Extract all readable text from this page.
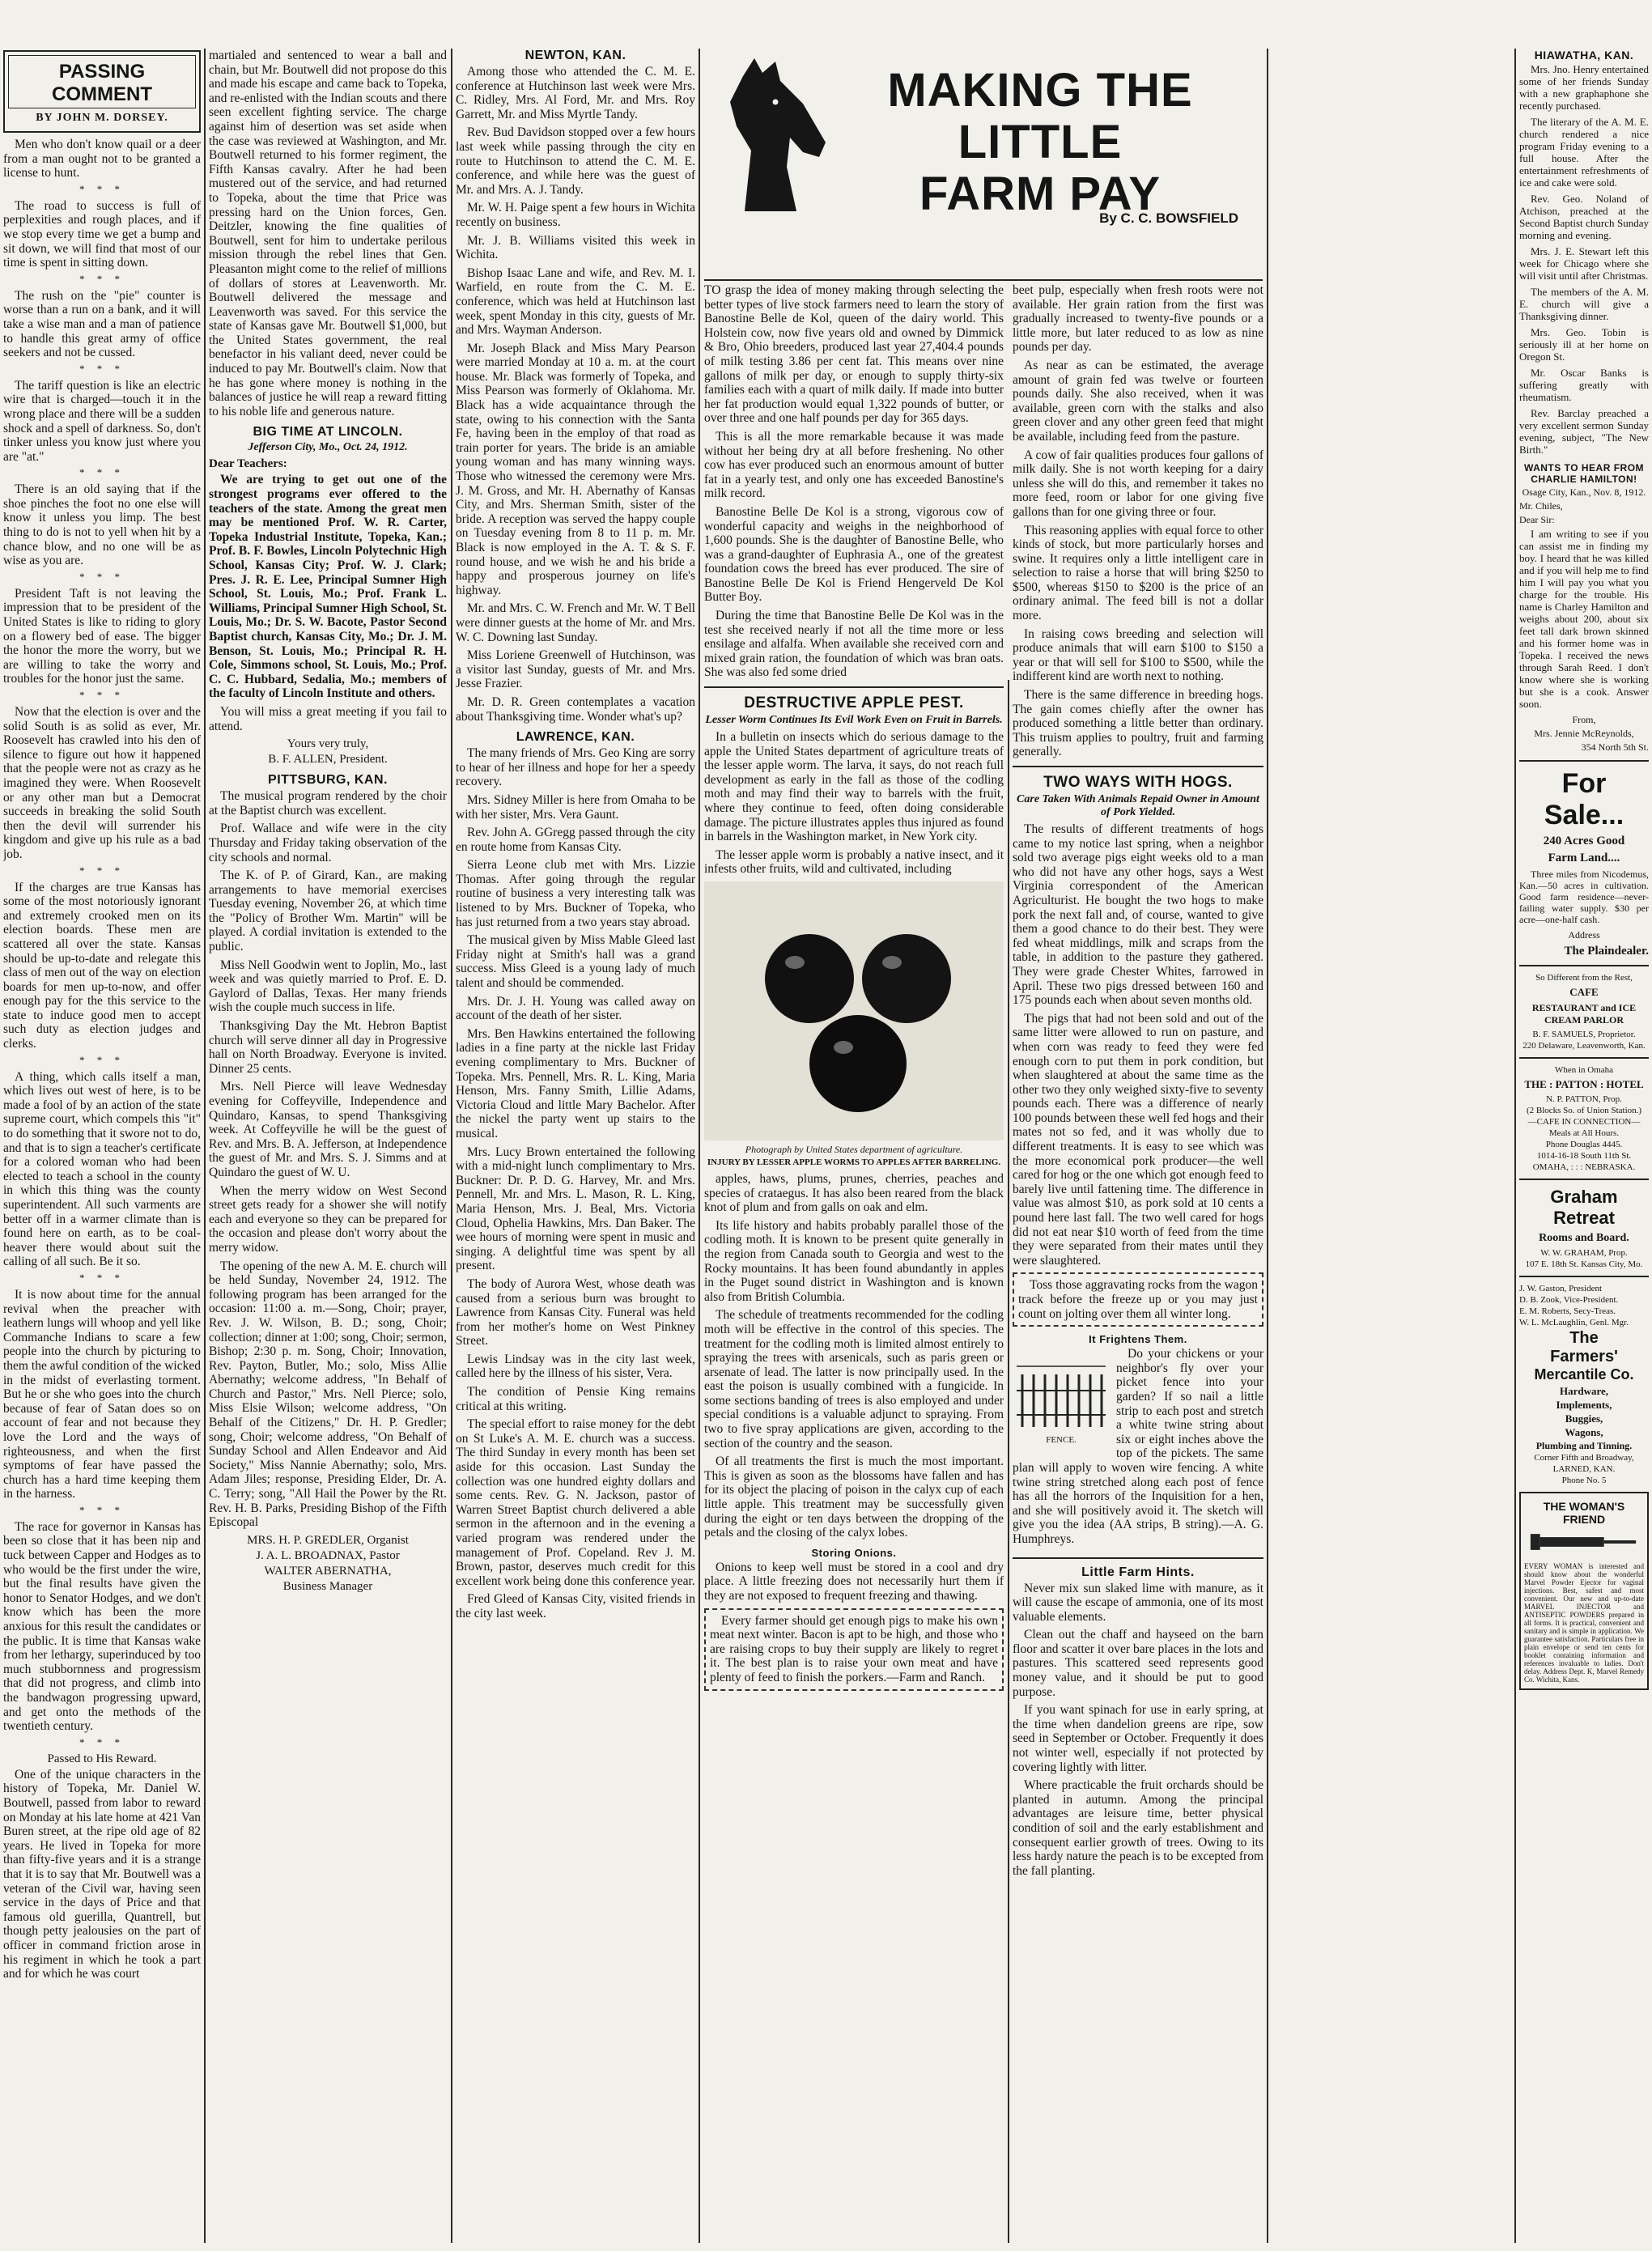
PASSING COMMENT
BY JOHN M. DORSEY.

Men who don't know quail or a deer from a man ought not to be granted a license to hunt.

* * *

The road to success is full of perplexities and rough places, and if we stop every time we get a bump and sit down, we will find that most of our time is spent in sitting down.

* * *

The rush on the "pie" counter is worse than a run on a bank, and it will take a wise man and a man of patience to handle this great army of office seekers and not be cussed.

* * *

The tariff question is like an electric wire that is charged—touch it in the wrong place and there will be a sudden shock and a spell of darkness. So, don't tinker unless you know just where you are "at."

* * *

There is an old saying that if the shoe pinches the foot no one else will know it unless you limp. The best thing to do is not to yell when hit by a chance blow, and no one will be as wise as you are.

* * *

President Taft is not leaving the impression that to be president of the United States is like to riding to glory on a flowery bed of ease. The bigger the honor the more the worry, but we are willing to take the worry and troubles for the honor just the same.

* * *

Now that the election is over and the solid South is as solid as ever, Mr. Roosevelt has crawled into his den of silence to figure out how it happened that the people were not as crazy as he imagined they were. When Roosevelt or any other man but a Democrat succeeds in breaking the solid South then the devil will surrender his kingdom and give up his rule as a bad job.

* * *

If the charges are true Kansas has some of the most notoriously ignorant and extremely crooked men on its election boards. These men are scattered all over the state. Kansas should be up-to-date and relegate this class of men out of the way on election boards for men up-to-now, and offer enough pay for the this service to the state to induce good men to accept such duty as election judges and clerks.

* * *

A thing, which calls itself a man, which lives out west of here, is to be made a fool of by an action of the state supreme court, which compels this "it" to do something that it swore not to do, and that is to sign a teacher's certificate for a colored woman who had been elected to teach a school in the county in which this thing was the county superintendent. All such varments are better off in a warmer climate than is found here on earth, as to be coal-heaver there would about suit the calling of all such. Be it so.

* * *

It is now about time for the annual revival when the preacher with leathern lungs will whoop and yell like Commanche Indians to scare a few people into the church by picturing to them the awful condition of the wicked in the midst of everlasting torment. But he or she who goes into the church because of fear of Satan does so on account of fear and not because they love the Lord and the ways of righteousness, and when the first symptoms of fear have passed the church has a hard time keeping them in the harness.

* * *

The race for governor in Kansas has been so close that it has been nip and tuck between Capper and Hodges as to who would be the first under the wire, but the final results have given the honor to Senator Hodges, and we don't know which has been the more anxious for this result the candidates or the public. It is time that Kansas wake from her lethargy, superinduced by too much stubbornness and progressism that did not progress, and climb into the bandwagon progressing upward, and get onto the methods of the twentieth century.

* * *
Passed to His Reward.

One of the unique characters in the history of Topeka, Mr. Daniel W. Boutwell, passed from labor to reward on Monday at his late home at 421 Van Buren street, at the ripe old age of 82 years. He lived in Topeka for more than fifty-five years and it is a strange that it is to say that Mr. Boutwell was a veteran of the Civil war, having seen service in the days of Price and that famous old guerilla, Quantrell, but though petty jealousies on the part of officer in command friction arose in his regiment in which he took a part and for which he was court

martialed and sentenced to wear a ball and chain, but Mr. Boutwell did not propose do this and made his escape and came back to Topeka, and re-enlisted with the Indian scouts and there seen excellent fighting service. The charge against him of desertion was set aside when the case was reviewed at Washington, and Mr. Boutwell returned to his former regiment, the Fifth Kansas cavalry. After he had been mustered out of the service, and had returned to Topeka, about the time that Price was pressing hard on the Union forces, Gen. Deitzler, knowing the fine qualities of Boutwell, sent for him to undertake perilous mission through the rebel lines that Gen. Pleasanton might come to the relief of millions of dollars of stores at Leavenworth. Mr. Boutwell delivered the message and Leavenworth was saved. For this service the state of Kansas gave Mr. Boutwell $1,000, but the United States government, the real benefactor in his valiant deed, never could be induced to pay Mr. Boutwell's claim. Now that he has gone where money is nothing in the balances of justice he will reap a reward fitting to his noble life and generous nature.

BIG TIME AT LINCOLN.
Jefferson City, Mo., Oct. 24, 1912.
Dear Teachers:

We are trying to get out one of the strongest programs ever offered to the teachers of the state. Among the great men may be mentioned Prof. W. R. Carter, Topeka Industrial Institute, Topeka, Kan.; Prof. B. F. Bowles, Lincoln Polytechnic High School, Kansas City; Prof. W. J. Clark; Pres. J. R. E. Lee, Principal Sumner High School, St. Louis, Mo.; Prof. Frank L. Williams, Principal Sumner High School, St. Louis, Mo.; Dr. S. W. Bacote, Pastor Second Baptist church, Kansas City, Mo.; Dr. J. M. Benson, St. Louis, Mo.; Principal R. H. Cole, Simmons school, St. Louis, Mo.; Prof. C. C. Hubbard, Sedalia, Mo.; members of the faculty of Lincoln Institute and others.

You will miss a great meeting if you fail to attend.

Yours very truly,
B. F. ALLEN, President.
PITTSBURG, KAN.

The musical program rendered by the choir at the Baptist church was excellent.

Prof. Wallace and wife were in the city Thursday and Friday taking observation of the city schools and normal.

The K. of P. of Girard, Kan., are making arrangements to have memorial exercises Tuesday evening, November 26, at which time the "Policy of Brother Wm. Martin" will be played. A cordial invitation is extended to the public.

Miss Nell Goodwin went to Joplin, Mo., last week and was quietly married to Prof. E. D. Gaylord of Dallas, Texas. Her many friends wish the couple much success in life.

Thanksgiving Day the Mt. Hebron Baptist church will serve dinner all day in Progressive hall on North Broadway. Everyone is invited. Dinner 25 cents.

Mrs. Nell Pierce will leave Wednesday evening for Coffeyville, Independence and Quindaro, Kansas, to spend Thanksgiving week. At Coffeyville he will be the guest of Rev. and Mrs. B. A. Jefferson, at Independence the guest of Mr. and Mrs. S. J. Simms and at Quindaro the guest of W. U.

When the merry widow on West Second street gets ready for a shower she will notify each and everyone so they can be prepared for the occasion and please don't worry about the merry widow.

The opening of the new A. M. E. church will be held Sunday, November 24, 1912. The following program has been arranged for the occasion: 11:00 a. m.—Song, Choir; prayer, Rev. J. W. Wilson, B. D.; song, Choir; collection; dinner at 1:00; song, Choir; sermon, Bishop; 2:30 p. m. Song, Choir; Innovation, Rev. Payton, Butler, Mo.; solo, Miss Allie Abernathy; welcome address, "In Behalf of Church and Pastor," Mrs. Nell Pierce; solo, Miss Elsie Wilson; welcome address, "On Behalf of the Citizens," Dr. H. P. Gredler; song, Choir; welcome address, "On Behalf of Sunday School and Allen Endeavor and Aid Society," Miss Nannie Abernathy; solo, Mrs. Adam Jiles; response, Presiding Elder, Dr. A. C. Terry; song, "All Hail the Power by the Rt. Rev. H. B. Parks, Presiding Bishop of the Fifth Episcopal

MRS. H. P. GREDLER, Organist
J. A. L. BROADNAX, Pastor
WALTER ABERNATHA,
Business Manager
NEWTON, KAN.

Among those who attended the C. M. E. conference at Hutchinson last week were Mrs. C. Ridley, Mrs. Al Ford, Mr. and Mrs. Roy Garrett, Mr. and Miss Myrtle Tandy.

Rev. Bud Davidson stopped over a few hours last week while passing through the city en route to Hutchinson to attend the C. M. E. conference, and while here was the guest of Mr. and Mrs. A. J. Tandy.

Mr. W. H. Paige spent a few hours in Wichita recently on business.

Mr. J. B. Williams visited this week in Wichita.

Bishop Isaac Lane and wife, and Rev. M. I. Warfield, en route from the C. M. E. conference, which was held at Hutchinson last week, spent Monday in this city, guests of Mr. and Mrs. Wayman Anderson.

Mr. Joseph Black and Miss Mary Pearson were married Monday at 10 a. m. at the court house. Mr. Black was formerly of Topeka, and Miss Pearson was formerly of Oklahoma. Mr. Black has a wide acquaintance through the state, owing to his connection with the Santa Fe, having been in the employ of that road as train porter for years. The bride is an amiable young woman and has many winning ways. Those who witnessed the ceremony were Mrs. J. M. Gross, and Mr. H. Abernathy of Kansas City, and Mrs. Sherman Smith, sister of the bride. A reception was served the happy couple on Tuesday evening from 8 to 11 p. m. Mr. Black is now employed in the A. T. & S. F. round house, and we wish he and his bride a happy and prosperous journey on life's highway.

Mr. and Mrs. C. W. French and Mr. W. T Bell were dinner guests at the home of Mr. and Mrs. W. C. Downing last Sunday.

Miss Loriene Greenwell of Hutchinson, was a visitor last Sunday, guests of Mr. and Mrs. Jesse Frazier.

Mr. D. R. Green contemplates a vacation about Thanksgiving time. Wonder what's up?

LAWRENCE, KAN.

The many friends of Mrs. Geo King are sorry to hear of her illness and hope for her a speedy recovery.

Mrs. Sidney Miller is here from Omaha to be with her sister, Mrs. Vera Gaunt.

Rev. John A. GGregg passed through the city en route home from Kansas City.

Sierra Leone club met with Mrs. Lizzie Thomas. After going through the regular routine of business a very interesting talk was listened to by Mrs. Buckner of Topeka, who has just returned from a two years stay abroad.

The musical given by Miss Mable Gleed last Friday night at Smith's hall was a grand success. Miss Gleed is a young lady of much talent and should be commended.

Mrs. Dr. J. H. Young was called away on account of the death of her sister.

Mrs. Ben Hawkins entertained the following ladies in a fine party at the nickle last Friday evening complimentary to Mrs. Buckner of Topeka. Mrs. Pennell, Mrs. R. L. King, Maria Henson, Mrs. Fanny Smith, Lillie Adams, Victoria Cloud and little Mary Bachelor. After the nickel the party went up stairs to the musical.

Mrs. Lucy Brown entertained the following with a mid-night lunch complimentary to Mrs. Buckner: Dr. P. D. G. Harvey, Mr. and Mrs. Pennell, Mr. and Mrs. L. Mason, R. L. King, Maria Henson, Mrs. J. Beal, Mrs. Victoria Cloud, Ophelia Hawkins, Mrs. Dan Baker. The wee hours of morning were spent in music and singing. A delightful time was spent by all present.

The body of Aurora West, whose death was caused from a serious burn was brought to Lawrence from Kansas City. Funeral was held from her mother's home on West Pinkney Street.

Lewis Lindsay was in the city last week, called here by the illness of his sister, Vera.

The condition of Pensie King remains critical at this writing.

The special effort to raise money for the debt on St Luke's A. M. E. church was a success. The third Sunday in every month has been set aside for this occasion. Last Sunday the collection was one hundred eighty dollars and some cents. Rev. G. N. Jackson, pastor of Warren Street Baptist church delivered a able sermon in the afternoon and in the evening a varied program was rendered under the management of Prof. Copeland. Rev J. M. Brown, pastor, deserves much credit for this excellent work being done this conference year.

Fred Gleed of Kansas City, visited friends in the city last week.

MAKING THE LITTLE
FARM PAY
By C. C. BOWSFIELD

TO grasp the idea of money making through selecting the better types of live stock farmers need to learn the story of Banostine Belle de Kol, queen of the dairy world. This Holstein cow, now five years old and owned by Dimmick & Bro, Ohio breeders, produced last year 27,404.4 pounds of milk testing 3.86 per cent fat. This means over nine gallons of milk per day, or enough to supply thirty-six families each with a quart of milk daily. If made into butter her fat production would equal 1,322 pounds of butter, or over three and one half pounds per day for 365 days.

This is all the more remarkable because it was made without her being dry at all before freshening. No other cow has ever produced such an enormous amount of butter fat in a yearly test, and only one has exceeded Banostine's milk record.

Banostine Belle De Kol is a strong, vigorous cow of wonderful capacity and weighs in the neighborhood of 1,600 pounds. She is the daughter of Banostine Belle, who was a grand-daughter of Euphrasia A., one of the greatest foundation cows the breed has ever produced. The sire of Banostine Belle De Kol is Friend Hengerveld De Kol Butter Boy.

During the time that Banostine Belle De Kol was in the test she received nearly if not all the time more or less ensilage and alfalfa. When available she received corn and mixed grain ration, the foundation of which was bran oats. She was also fed some dried

DESTRUCTIVE APPLE PEST.
Lesser Worm Continues Its Evil Work Even on Fruit in Barrels.

In a bulletin on insects which do serious damage to the apple the United States department of agriculture treats of the lesser apple worm. The larva, it says, do not reach full development as early in the fall as those of the codling moth and may find their way to barrels with the fruit, where they continue to feed, often doing considerable damage. The picture illustrates apples thus injured as found in barrels in the Washington market, in New York city.

The lesser apple worm is probably a native insect, and it infests other fruits, wild and cultivated, including

Photograph by United States department of agriculture.
INJURY BY LESSER APPLE WORMS TO APPLES AFTER BARRELING.

apples, haws, plums, prunes, cherries, peaches and species of crataegus. It has also been reared from the black knot of plum and from galls on oak and elm.

Its life history and habits probably parallel those of the codling moth. It is known to be present quite generally in the region from Canada south to Georgia and west to the Rocky mountains. It has been found abundantly in apples in the Puget sound district in Washington and is known also from British Columbia.

The schedule of treatments recommended for the codling moth will be effective in the control of this species. The treatment for the codling moth is limited almost entirely to spraying the trees with arsenicals, such as paris green or arsenate of lead. The latter is now principally used. In the east the poison is usually combined with a fungicide. In some sections banding of trees is also employed and under special conditions is a valuable adjunct to spraying. From two to five spray applications are given, according to the section of the country and the season.

Of all treatments the first is much the most important. This is given as soon as the blossoms have fallen and has for its object the placing of poison in the calyx cup of each little apple. This treatment may be successfully given during the eight or ten days between the dropping of the petals and the closing of the calyx lobes.

Storing Onions.

Onions to keep well must be stored in a cool and dry place. A little freezing does not necessarily hurt them if they are not exposed to frequent freezing and thawing.

Every farmer should get enough pigs to make his own meat next winter. Bacon is apt to be high, and those who are raising crops to buy their supply are likely to regret it. The best plan is to raise your own meat and have plenty of feed to finish the porkers.—Farm and Ranch.

beet pulp, especially when fresh roots were not available. Her grain ration from the first was gradually increased to twenty-five pounds or a little more, but later reduced to as low as nine pounds per day.

As near as can be estimated, the average amount of grain fed was twelve or fourteen pounds daily. She also received, when it was available, green corn with the stalks and also green clover and any other green feed that might be available, including feed from the pasture.

A cow of fair qualities produces four gallons of milk daily. She is not worth keeping for a dairy unless she will do this, and remember it takes no more feed, room or labor for one giving five gallons than for one giving three or four.

This reasoning applies with equal force to other kinds of stock, but more particularly horses and swine. It requires only a little intelligent care in selection to raise a horse that will bring $250 to $500, whereas $150 to $200 is the price of an ordinary animal. The feed bill is not a dollar more.

In raising cows breeding and selection will produce animals that will earn $100 to $150 a year or that will sell for $100 to $500, while the indifferent kind are worth next to nothing.

There is the same difference in breeding hogs. The gain comes chiefly after the owner has produced something a little better than ordinary. This truism applies to poultry, fruit and farming generally.

TWO WAYS WITH HOGS.
Care Taken With Animals Repaid Owner in Amount of Pork Yielded.

The results of different treatments of hogs came to my notice last spring, when a neighbor sold two average pigs eight weeks old to a man who did not have any other hogs, says a West Virginia correspondent of the American Agriculturist. He bought the two hogs to make pork the next fall and, of course, wanted to give them a good chance to do their best. They were fed wheat middlings, milk and scraps from the table, in addition to the pasture they gathered. They were grade Chester Whites, farrowed in April. These two pigs dressed between 160 and 175 pounds each when about seven months old.

The pigs that had not been sold and out of the same litter were allowed to run on pasture, and when corn was ready to feed they were fed enough corn to put them in pork condition, but when slaughtered at about the same time as the other two they only weighed sixty-five to seventy pounds each. There was a difference of nearly 100 pounds between these well fed hogs and their mates not so fed, and it was wholly due to different treatments. It is easy to see which was the more economical pork producer—the well cared for hog or the one which got enough feed to barely live until fattening time. The difference in value was almost $10, as pork sold at 10 cents a pound here last fall. The two well cared for hogs did not eat near $10 worth of feed from the time they were separated from their mates until they were slaughtered.

Toss those aggravating rocks from the wagon track before the freeze up or you may just count on jolting over them all winter long.

It Frightens Them.
FENCE.

Do your chickens or your neighbor's fly over your picket fence into your garden? If so nail a little strip to each post and stretch a white twine string about six or eight inches above the top of the pickets. The same plan will apply to woven wire fencing. A white twine string stretched along each post of fence has all the horrors of the Inquisition for a hen, and she will positively avoid it. The sketch will give you the idea (AA strips, B string).—A. G. Humphreys.

Little Farm Hints.

Never mix sun slaked lime with manure, as it will cause the escape of ammonia, one of its most valuable elements.

Clean out the chaff and hayseed on the barn floor and scatter it over bare places in the lots and pastures. This scattered seed represents good money value, and it should be put to good purpose.

If you want spinach for use in early spring, at the time when dandelion greens are ripe, sow seed in September or October. Frequently it does not winter well, especially if not protected by covering lightly with litter.

Where practicable the fruit orchards should be planted in autumn. Among the principal advantages are leisure time, better physical condition of soil and the early establishment and consequent earlier growth of trees. Owing to its less hardy nature the peach is to be excepted from the fall planting.

HIAWATHA, KAN.

Mrs. Jno. Henry entertained some of her friends Sunday with a new graphaphone she recently purchased.

The literary of the A. M. E. church rendered a nice program Friday evening to a full house. After the entertainment refreshments of ice and cake were sold.

Rev. Geo. Noland of Atchison, preached at the Second Baptist church Sunday morning and evening.

Mrs. J. E. Stewart left this week for Chicago where she will visit until after Christmas.

The members of the A. M. E. church will give a Thanksgiving dinner.

Mrs. Geo. Tobin is seriously ill at her home on Oregon St.

Mr. Oscar Banks is suffering greatly with rheumatism.

Rev. Barclay preached a very excellent sermon Sunday evening, subject, "The New Birth."

WANTS TO HEAR FROM CHARLIE HAMILTON!
Osage City, Kan., Nov. 8, 1912.
Mr. Chiles,
Dear Sir:

I am writing to see if you can assist me in finding my boy. I heard that he was killed and if you will help me to find him I will pay you what you charge for the trouble. His name is Charley Hamilton and weighs about 200, about six feet tall dark brown skinned and his former home was in Topeka. I received the news through Sarah Reed. I don't know where she is working but she is a cook. Answer soon.

From,
Mrs. Jennie McReynolds,
354 North 5th St.
For Sale...
240 Acres Good
Farm Land....

Three miles from Nicodemus, Kan.—50 acres in cultivation. Good farm residence—never-failing water supply. $30 per acre—one-half cash.

Address
The Plaindealer.
So Different from the Rest,
CAFE
RESTAURANT and ICE CREAM PARLOR
B. F. SAMUELS, Proprietor.
220 Delaware, Leavenworth, Kan.
When in Omaha
THE : PATTON : HOTEL
N. P. PATTON, Prop.
(2 Blocks So. of Union Station.)
—CAFE IN CONNECTION—
Meals at All Hours.
Phone Douglas 4445.
1014-16-18 South 11th St.
OMAHA, : : : NEBRASKA.
Graham Retreat
Rooms and Board.
W. W. GRAHAM, Prop.
107 E. 18th St. Kansas City, Mo.
J. W. Gaston, President
D. B. Zook, Vice-President.
E. M. Roberts, Secy-Treas.
W. L. McLaughlin, Genl. Mgr.
The
Farmers'
Mercantile Co.
Hardware,
Implements,
Buggies,
Wagons,
Plumbing and Tinning.
Corner Fifth and Broadway,
LARNED, KAN.
Phone No. 5
THE WOMAN'S FRIEND

EVERY WOMAN is interested and should know about the wonderful Marvel Powder Ejector for vaginal injections. Best, safest and most convenient. Our new and up-to-date MARVEL INJECTOR and ANTISEPTIC POWDERS prepared in all forms. It is practical, convenient and sanitary and is simple in application. We guarantee satisfaction. Particulars free in plain envelope or send ten cents for booklet containing information and references invaluable to ladies. Don't delay. Address Dept. K, Marvel Remedy Co. Wichita, Kans.
